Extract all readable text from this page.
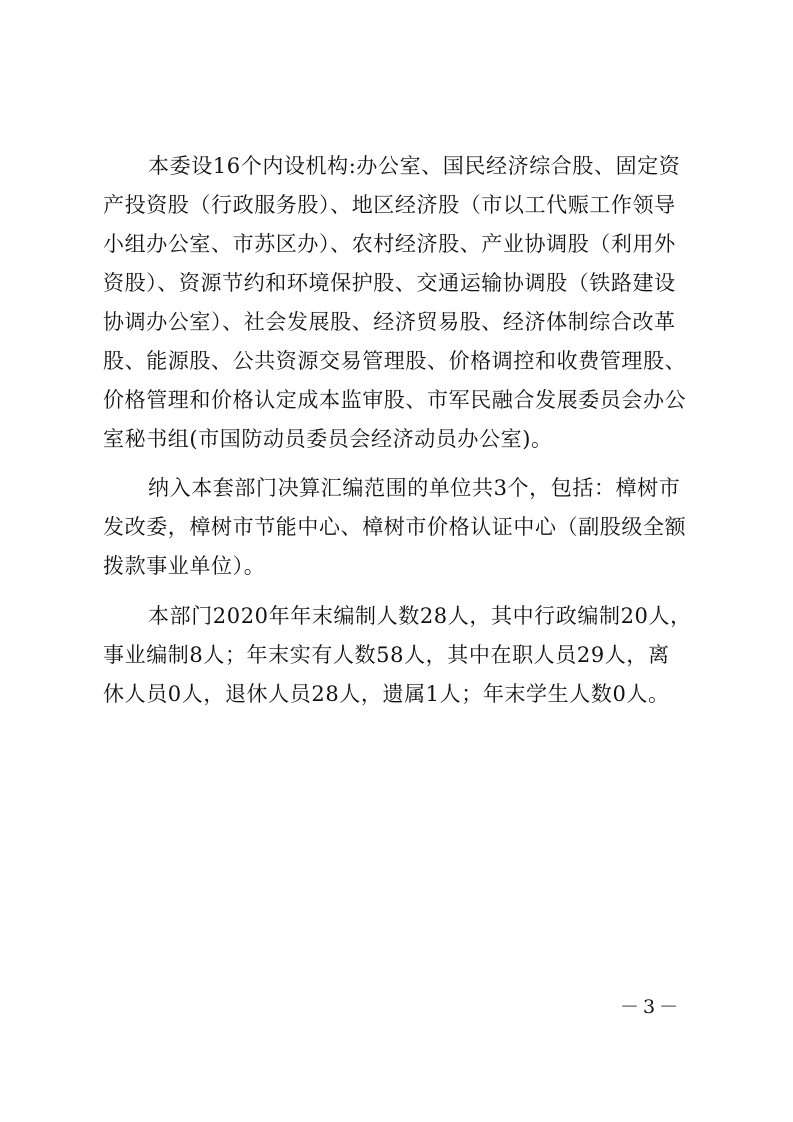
本委设16个内设机构:办公室、国民经济综合股、固定资
产投资股（行政服务股）、地区经济股（市以工代赈工作领导
小组办公室、市苏区办）、农村经济股、产业协调股（利用外
资股）、资源节约和环境保护股、交通运输协调股（铁路建设
协调办公室）、社会发展股、经济贸易股、经济体制综合改革
股、能源股、公共资源交易管理股、价格调控和收费管理股、
价格管理和价格认定成本监审股、市军民融合发展委员会办公
室秘书组(市国防动员委员会经济动员办公室)。
纳入本套部门决算汇编范围的单位共3个，包括：樟树市
发改委，樟树市节能中心、樟树市价格认证中心（副股级全额
拨款事业单位）。
本部门2020年年末编制人数28人，其中行政编制20人，
事业编制8人；年末实有人数58人，其中在职人员29人，离
休人员0人，退休人员28人，遗属1人；年末学生人数0人。
－3－
